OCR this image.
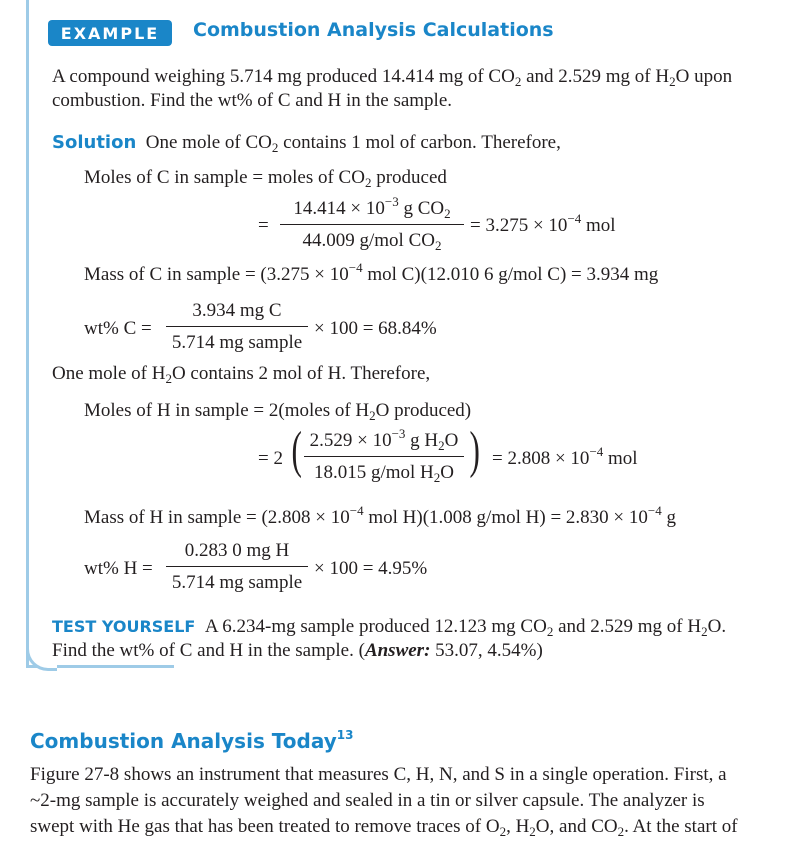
EXAMPLE Combustion Analysis Calculations
A compound weighing 5.714 mg produced 14.414 mg of $CO_2$ and 2.529 mg of $H_2O$ upon
combustion. Find the wt% of C and H in the sample.
Solution One mole of $CO_2$ contains 1 mol of carbon. Therefore,
Moles of C in sample = moles of $CO_2$ produced
=
$14.414 \times 10^{-3}$ g $CO_2$
44.009 g/mol $CO_2$
= $3.275 \times 10^{-4}$ mol
Mass of C in sample = ($3.275 \times 10^{-4}$ mol C)(12.010 6 g/mol C) = 3.934 mg
wt% C =
3.934 mg C
5.714 mg sample
× 100 = 68.84%
One mole of $H_2O$ contains 2 mol of H. Therefore,
Moles of H in sample = 2(moles of $H_2O$ produced)
= 2 ( $2.529 \times 10^{-3}$ g $H_2O$
18.015 g/mol $H_2O$ ) = $2.808 \times 10^{-4}$ mol
Mass of H in sample = ($2.808 \times 10^{-4}$ mol H)(1.008 g/mol $H) = 2.830 \times 10^{-4}$ g
wt% H =
0.283 0 mg H
5.714 mg sample
× 100 = 4.95%
TEST YOURSELF A 6.234-mg sample produced 12.123 mg $CO_2$ and 2.529 mg of $H_2O$.
Find the wt% of C and H in the sample. (Answer: 53.07, 4.54%)
Combustion Analysis Today$^{13}$
Figure 27-8 shows an instrument that measures C, H, N, and S in a single operation. First, a
~2-mg sample is accurately weighed and sealed in a tin or silver capsule. The analyzer is
swept with He gas that has been treated to remove traces of $O_2$, $H_2O$, and $CO_2$. At the start of
